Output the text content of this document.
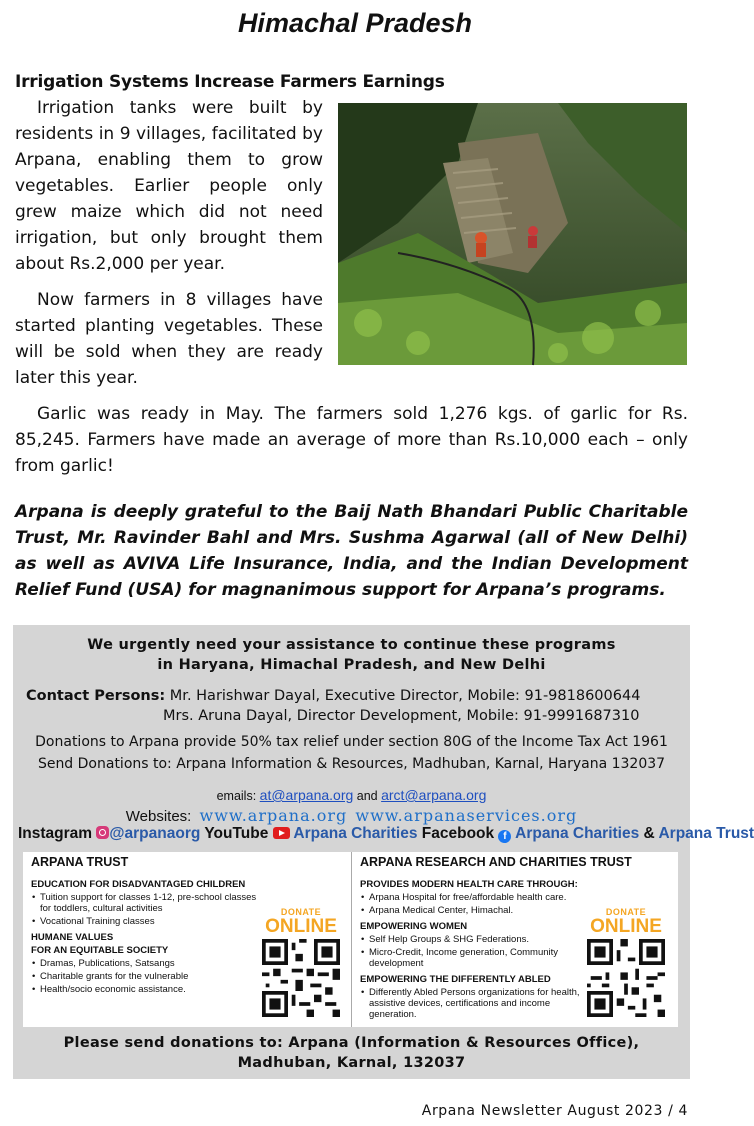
Himachal Pradesh
Irrigation Systems Increase Farmers Earnings

Irrigation tanks were built by residents in 9 villages, facilitated by Arpana, enabling them to grow vegetables. Earlier people only grew maize which did not need irrigation, but only brought them about Rs.2,000 per year.

Now farmers in 8 villages have started planting vegetables. These will be sold when they are ready later this year.

Garlic was ready in May. The farmers sold 1,276 kgs. of garlic for Rs. 85,245. Farmers have made an average of more than Rs.10,000 each – only from garlic!

Arpana is deeply grateful to the Baij Nath Bhandari Public Charitable Trust, Mr. Ravinder Bahl and Mrs. Sushma Agarwal (all of New Delhi) as well as AVIVA Life Insurance, India, and the Indian Development Relief Fund (USA) for magnanimous support for Arpana’s programs.

We urgently need your assistance to continue these programs
in Haryana, Himachal Pradesh, and New Delhi
Contact Persons: Mr. Harishwar Dayal, Executive Director, Mobile: 91-9818600644
Mrs. Aruna Dayal, Director Development, Mobile: 91-9991687310
Donations to Arpana provide 50% tax relief under section 80G of the Income Tax Act 1961
Send Donations to: Arpana Information & Resources, Madhuban, Karnal, Haryana 132037
emails: at@arpana.org and arct@arpana.org
Websites: www.arpana.org www.arpanaservices.org
Instagram @arpanaorg YouTube Arpana Charities Facebook f Arpana Charities & Arpana Trust
ARPANA TRUST
EDUCATION FOR DISADVANTAGED CHILDREN
• Tuition support for classes 1-12, pre-school classes for toddlers, cultural activities
• Vocational Training classes
HUMANE VALUES
FOR AN EQUITABLE SOCIETY
• Dramas, Publications, Satsangs
• Charitable grants for the vulnerable
• Health/socio economic assistance.
DONATE
ONLINE
ARPANA RESEARCH AND CHARITIES TRUST
PROVIDES MODERN HEALTH CARE THROUGH:
• Arpana Hospital for free/affordable health care.
• Arpana Medical Center, Himachal.
EMPOWERING WOMEN
• Self Help Groups & SHG Federations.
• Micro-Credit, Income generation, Community development
EMPOWERING THE DIFFERENTLY ABLED
• Differently Abled Persons organizations for health, assistive devices, certifications and income generation.
DONATE
ONLINE
Please send donations to: Arpana (Information & Resources Office),
Madhuban, Karnal, 132037
Arpana Newsletter August 2023 / 4
